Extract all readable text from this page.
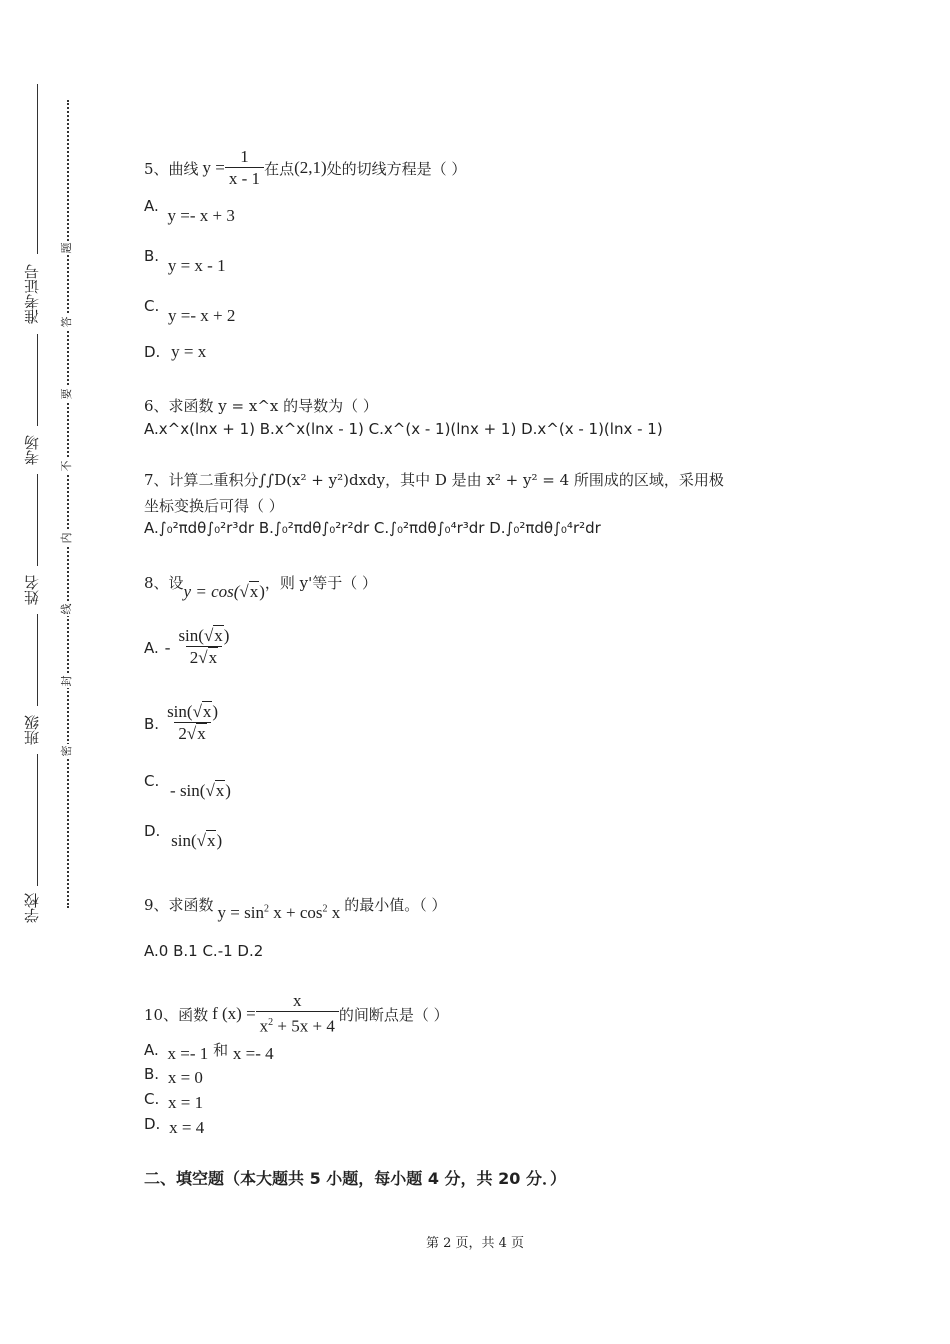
准考证号
考场
姓名
班级
学校
题
答
要
不
内
线
封
密
5、曲线 $y = \frac{1}{x - 1}$ 在点 (2,1) 处的切线方程是（ ）
A. y =- x + 3
B. y = x - 1
C. y =- x + 2
D. y = x
6、求函数 y = x^x 的导数为（ ）
A.x^x(lnx + 1) B.x^x(lnx - 1) C.x^(x - 1)(lnx + 1) D.x^(x - 1)(lnx - 1)
7、计算二重积分∫∫D(x² + y²)dxdy，其中 D 是由 x² + y² = 4 所围成的区域，采用极
坐标变换后可得（ ）
A.∫₀²πdθ∫₀²r³dr B.∫₀²πdθ∫₀²r²dr C.∫₀²πdθ∫₀⁴r³dr D.∫₀²πdθ∫₀⁴r²dr
8、设 y = cos(√x) ，则 y'等于（ ）
A. - $\frac{\sin(√x)}{2√x}$
B. $\frac{\sin(√x)}{2√x}$
C. - sin(√x)
D. sin(√x)
9、求函数 $y = \sin^2 x + \cos^2 x$ 的最小值。（ ）
A.0 B.1 C.-1 D.2
10、函数 f $(x) = \frac{x}{x^2 + 5x + 4}$ 的间断点是（ ）
A. x =- 1 和 x =- 4
B. x = 0
C. x = 1
D. x = 4
二、填空题（本大题共 5 小题，每小题 4 分，共 20 分．）
第 2 页，共 4 页
